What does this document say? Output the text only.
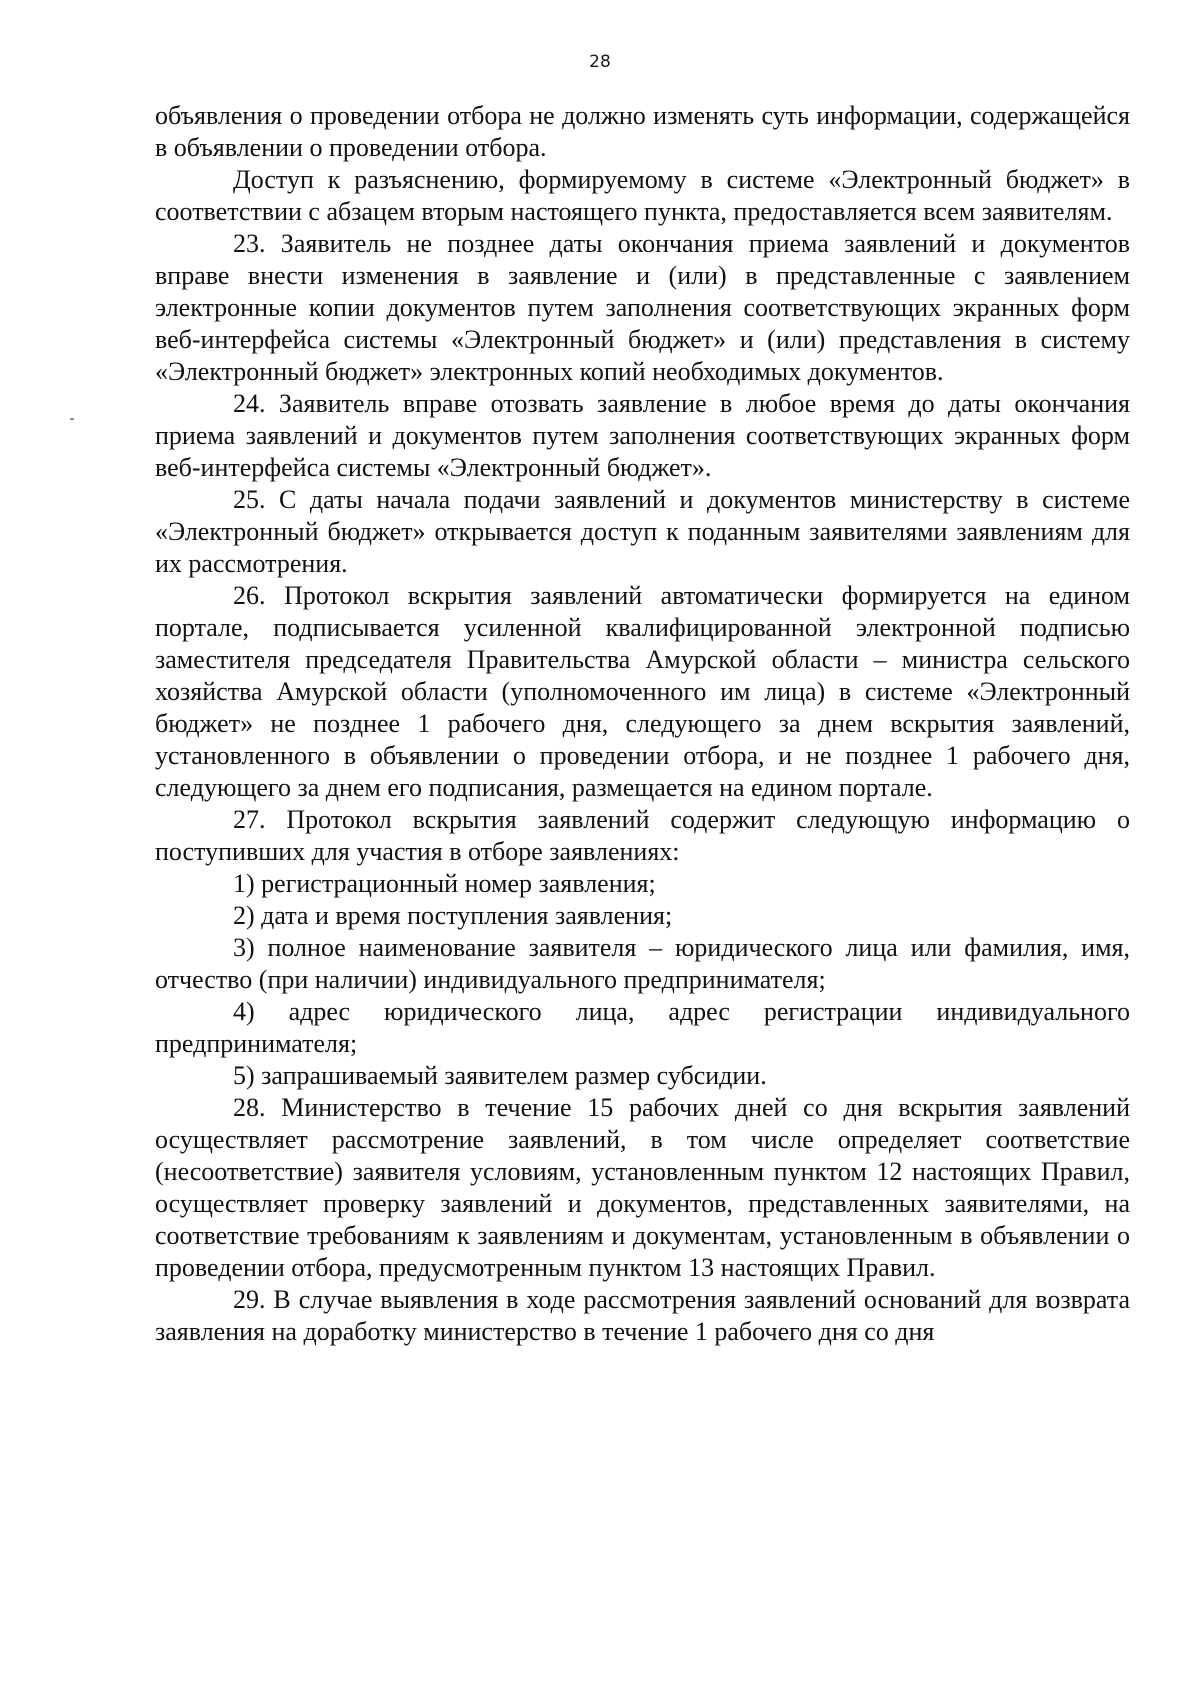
28

объявления о проведении отбора не должно изменять суть информации, содержащейся в объявлении о проведении отбора.

Доступ к разъяснению, формируемому в системе «Электронный бюджет» в соответствии с абзацем вторым настоящего пункта, предоставляется всем заявителям.

23. Заявитель не позднее даты окончания приема заявлений и документов вправе внести изменения в заявление и (или) в представленные с заявлением электронные копии документов путем заполнения соответствующих экранных форм веб-интерфейса системы «Электронный бюджет» и (или) представления в систему «Электронный бюджет» электронных копий необходимых документов.

24. Заявитель вправе отозвать заявление в любое время до даты окончания приема заявлений и документов путем заполнения соответствующих экранных форм веб-интерфейса системы «Электронный бюджет».

25. С даты начала подачи заявлений и документов министерству в системе «Электронный бюджет» открывается доступ к поданным заявителями заявлениям для их рассмотрения.

26. Протокол вскрытия заявлений автоматически формируется на едином портале, подписывается усиленной квалифицированной электронной подписью заместителя председателя Правительства Амурской области – министра сельского хозяйства Амурской области (уполномоченного им лица) в системе «Электронный бюджет» не позднее 1 рабочего дня, следующего за днем вскрытия заявлений, установленного в объявлении о проведении отбора, и не позднее 1 рабочего дня, следующего за днем его подписания, размещается на едином портале.

27. Протокол вскрытия заявлений содержит следующую информацию о поступивших для участия в отборе заявлениях:

1) регистрационный номер заявления;

2) дата и время поступления заявления;

3) полное наименование заявителя – юридического лица или фамилия, имя, отчество (при наличии) индивидуального предпринимателя;

4) адрес юридического лица, адрес регистрации индивидуального предпринимателя;

5) запрашиваемый заявителем размер субсидии.

28. Министерство в течение 15 рабочих дней со дня вскрытия заявлений осуществляет рассмотрение заявлений, в том числе определяет соответствие (несоответствие) заявителя условиям, установленным пунктом 12 настоящих Правил, осуществляет проверку заявлений и документов, представленных заявителями, на соответствие требованиям к заявлениям и документам, установленным в объявлении о проведении отбора, предусмотренным пунктом 13 настоящих Правил.

29. В случае выявления в ходе рассмотрения заявлений оснований для возврата заявления на доработку министерство в течение 1 рабочего дня со дня
